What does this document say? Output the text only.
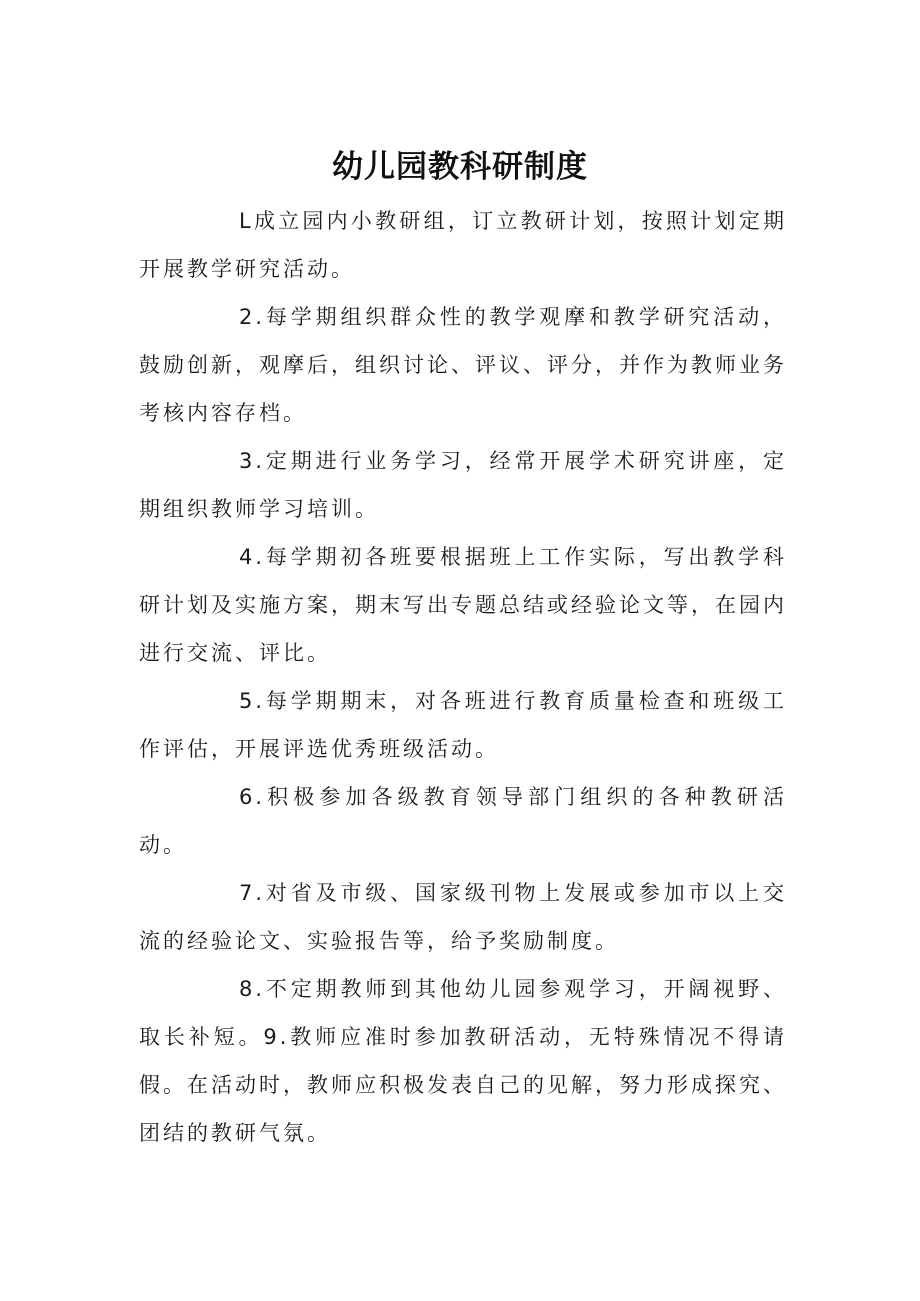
幼儿园教科研制度

L成立园内小教研组，订立教研计划，按照计划定期开展教学研究活动。

2.每学期组织群众性的教学观摩和教学研究活动，鼓励创新，观摩后，组织讨论、评议、评分，并作为教师业务考核内容存档。

3.定期进行业务学习，经常开展学术研究讲座，定期组织教师学习培训。

4.每学期初各班要根据班上工作实际，写出教学科研计划及实施方案，期末写出专题总结或经验论文等，在园内进行交流、评比。

5.每学期期末，对各班进行教育质量检查和班级工作评估，开展评选优秀班级活动。

6.积极参加各级教育领导部门组织的各种教研活动。

7.对省及市级、国家级刊物上发展或参加市以上交流的经验论文、实验报告等，给予奖励制度。

8.不定期教师到其他幼儿园参观学习，开阔视野、取长补短。9.教师应准时参加教研活动，无特殊情况不得请假。在活动时，教师应积极发表自己的见解，努力形成探究、团结的教研气氛。
